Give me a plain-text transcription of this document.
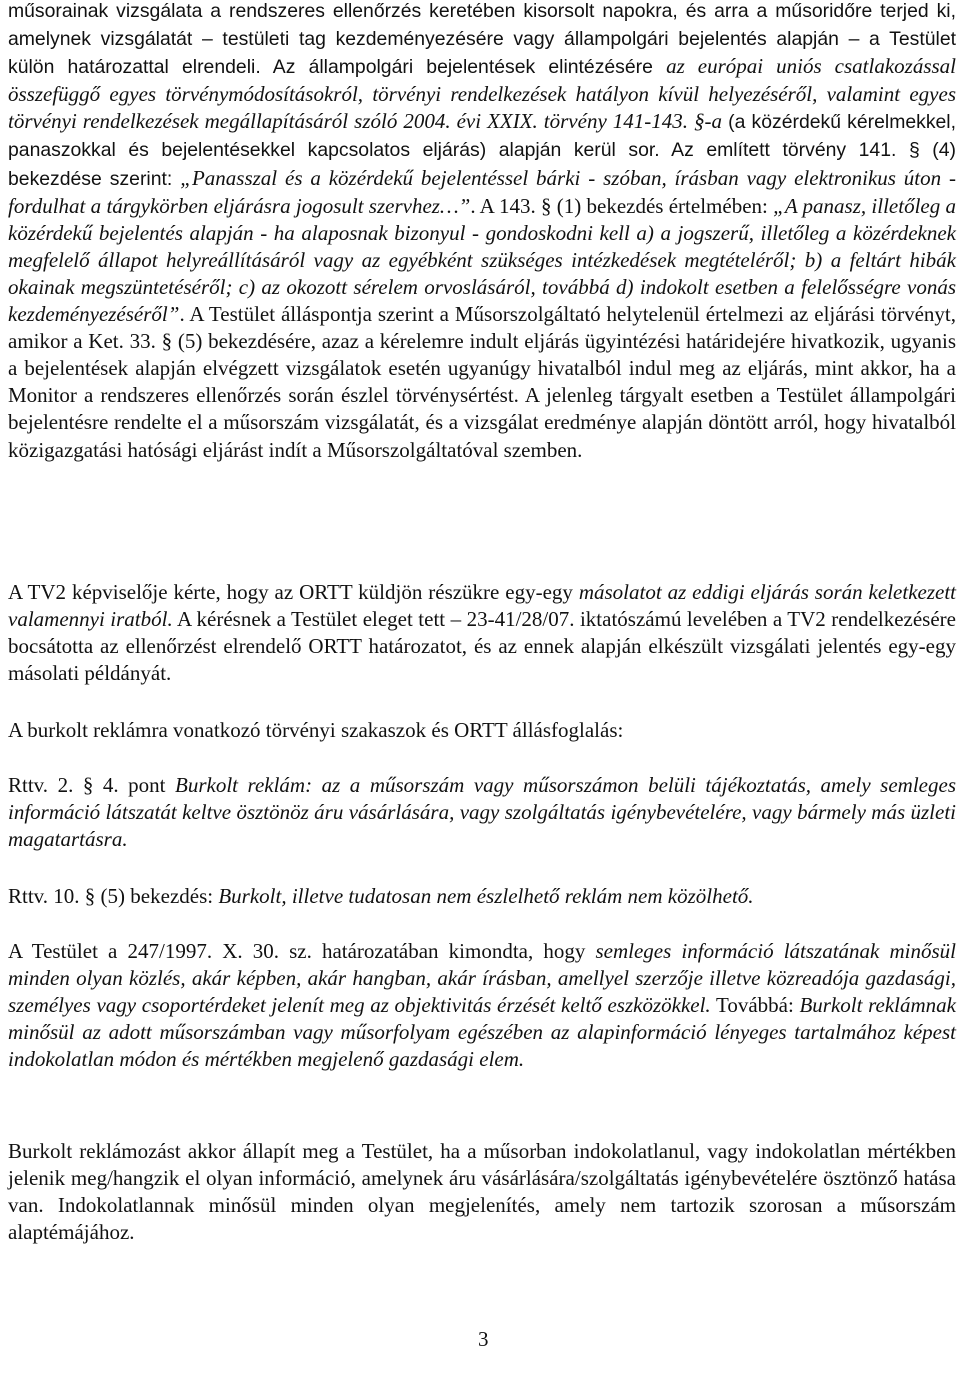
műsorainak vizsgálata a rendszeres ellenőrzés keretében kisorsolt napokra, és arra a műsoridőre terjed ki, amelynek vizsgálatát – testületi tag kezdeményezésére vagy állampolgári bejelentés alapján – a Testület külön határozattal elrendeli. Az állampolgári bejelentések elintézésére az európai uniós csatlakozással összefüggő egyes törvénymódosításokról, törvényi rendelkezések hatályon kívül helyezéséről, valamint egyes törvényi rendelkezések megállapításáról szóló 2004. évi XXIX. törvény 141-143. §-a (a közérdekű kérelmekkel, panaszokkal és bejelentésekkel kapcsolatos eljárás) alapján kerül sor. Az említett törvény 141. § (4) bekezdése szerint: „Panasszal és a közérdekű bejelentéssel bárki - szóban, írásban vagy elektronikus úton - fordulhat a tárgykörben eljárásra jogosult szervhez…”. A 143. § (1) bekezdés értelmében: „A panasz, illetőleg a közérdekű bejelentés alapján - ha alaposnak bizonyul - gondoskodni kell a) a jogszerű, illetőleg a közérdeknek megfelelő állapot helyreállításáról vagy az egyébként szükséges intézkedések megtételéről; b) a feltárt hibák okainak megszüntetéséről; c) az okozott sérelem orvoslásáról, továbbá d) indokolt esetben a felelősségre vonás kezdeményezéséről”. A Testület álláspontja szerint a Műsorszolgáltató helytelenül értelmezi az eljárási törvényt, amikor a Ket. 33. § (5) bekezdésére, azaz a kérelemre indult eljárás ügyintézési határidejére hivatkozik, ugyanis a bejelentések alapján elvégzett vizsgálatok esetén ugyanúgy hivatalból indul meg az eljárás, mint akkor, ha a Monitor a rendszeres ellenőrzés során észlel törvénysértést. A jelenleg tárgyalt esetben a Testület állampolgári bejelentésre rendelte el a műsorszám vizsgálatát, és a vizsgálat eredménye alapján döntött arról, hogy hivatalból közigazgatási hatósági eljárást indít a Műsorszolgáltatóval szemben.

A TV2 képviselője kérte, hogy az ORTT küldjön részükre egy-egy másolatot az eddigi eljárás során keletkezett valamennyi iratból. A kérésnek a Testület eleget tett – 23-41/28/07. iktatószámú levelében a TV2 rendelkezésére bocsátotta az ellenőrzést elrendelő ORTT határozatot, és az ennek alapján elkészült vizsgálati jelentés egy-egy másolati példányát.

A burkolt reklámra vonatkozó törvényi szakaszok és ORTT állásfoglalás:

Rttv. 2. § 4. pont Burkolt reklám: az a műsorszám vagy műsorszámon belüli tájékoztatás, amely semleges információ látszatát keltve ösztönöz áru vásárlására, vagy szolgáltatás igénybevételére, vagy bármely más üzleti magatartásra.

Rttv. 10. § (5) bekezdés: Burkolt, illetve tudatosan nem észlelhető reklám nem közölhető.

A Testület a 247/1997. X. 30. sz. határozatában kimondta, hogy semleges információ látszatának minősül minden olyan közlés, akár képben, akár hangban, akár írásban, amellyel szerzője illetve közreadója gazdasági, személyes vagy csoportérdeket jelenít meg az objektivitás érzését keltő eszközökkel. Továbbá: Burkolt reklámnak minősül az adott műsorszámban vagy műsorfolyam egészében az alapinformáció lényeges tartalmához képest indokolatlan módon és mértékben megjelenő gazdasági elem.

Burkolt reklámozást akkor állapít meg a Testület, ha a műsorban indokolatlanul, vagy indokolatlan mértékben jelenik meg/hangzik el olyan információ, amelynek áru vásárlására/szolgáltatás igénybevételére ösztönző hatása van. Indokolatlannak minősül minden olyan megjelenítés, amely nem tartozik szorosan a műsorszám alaptémájához.

3
